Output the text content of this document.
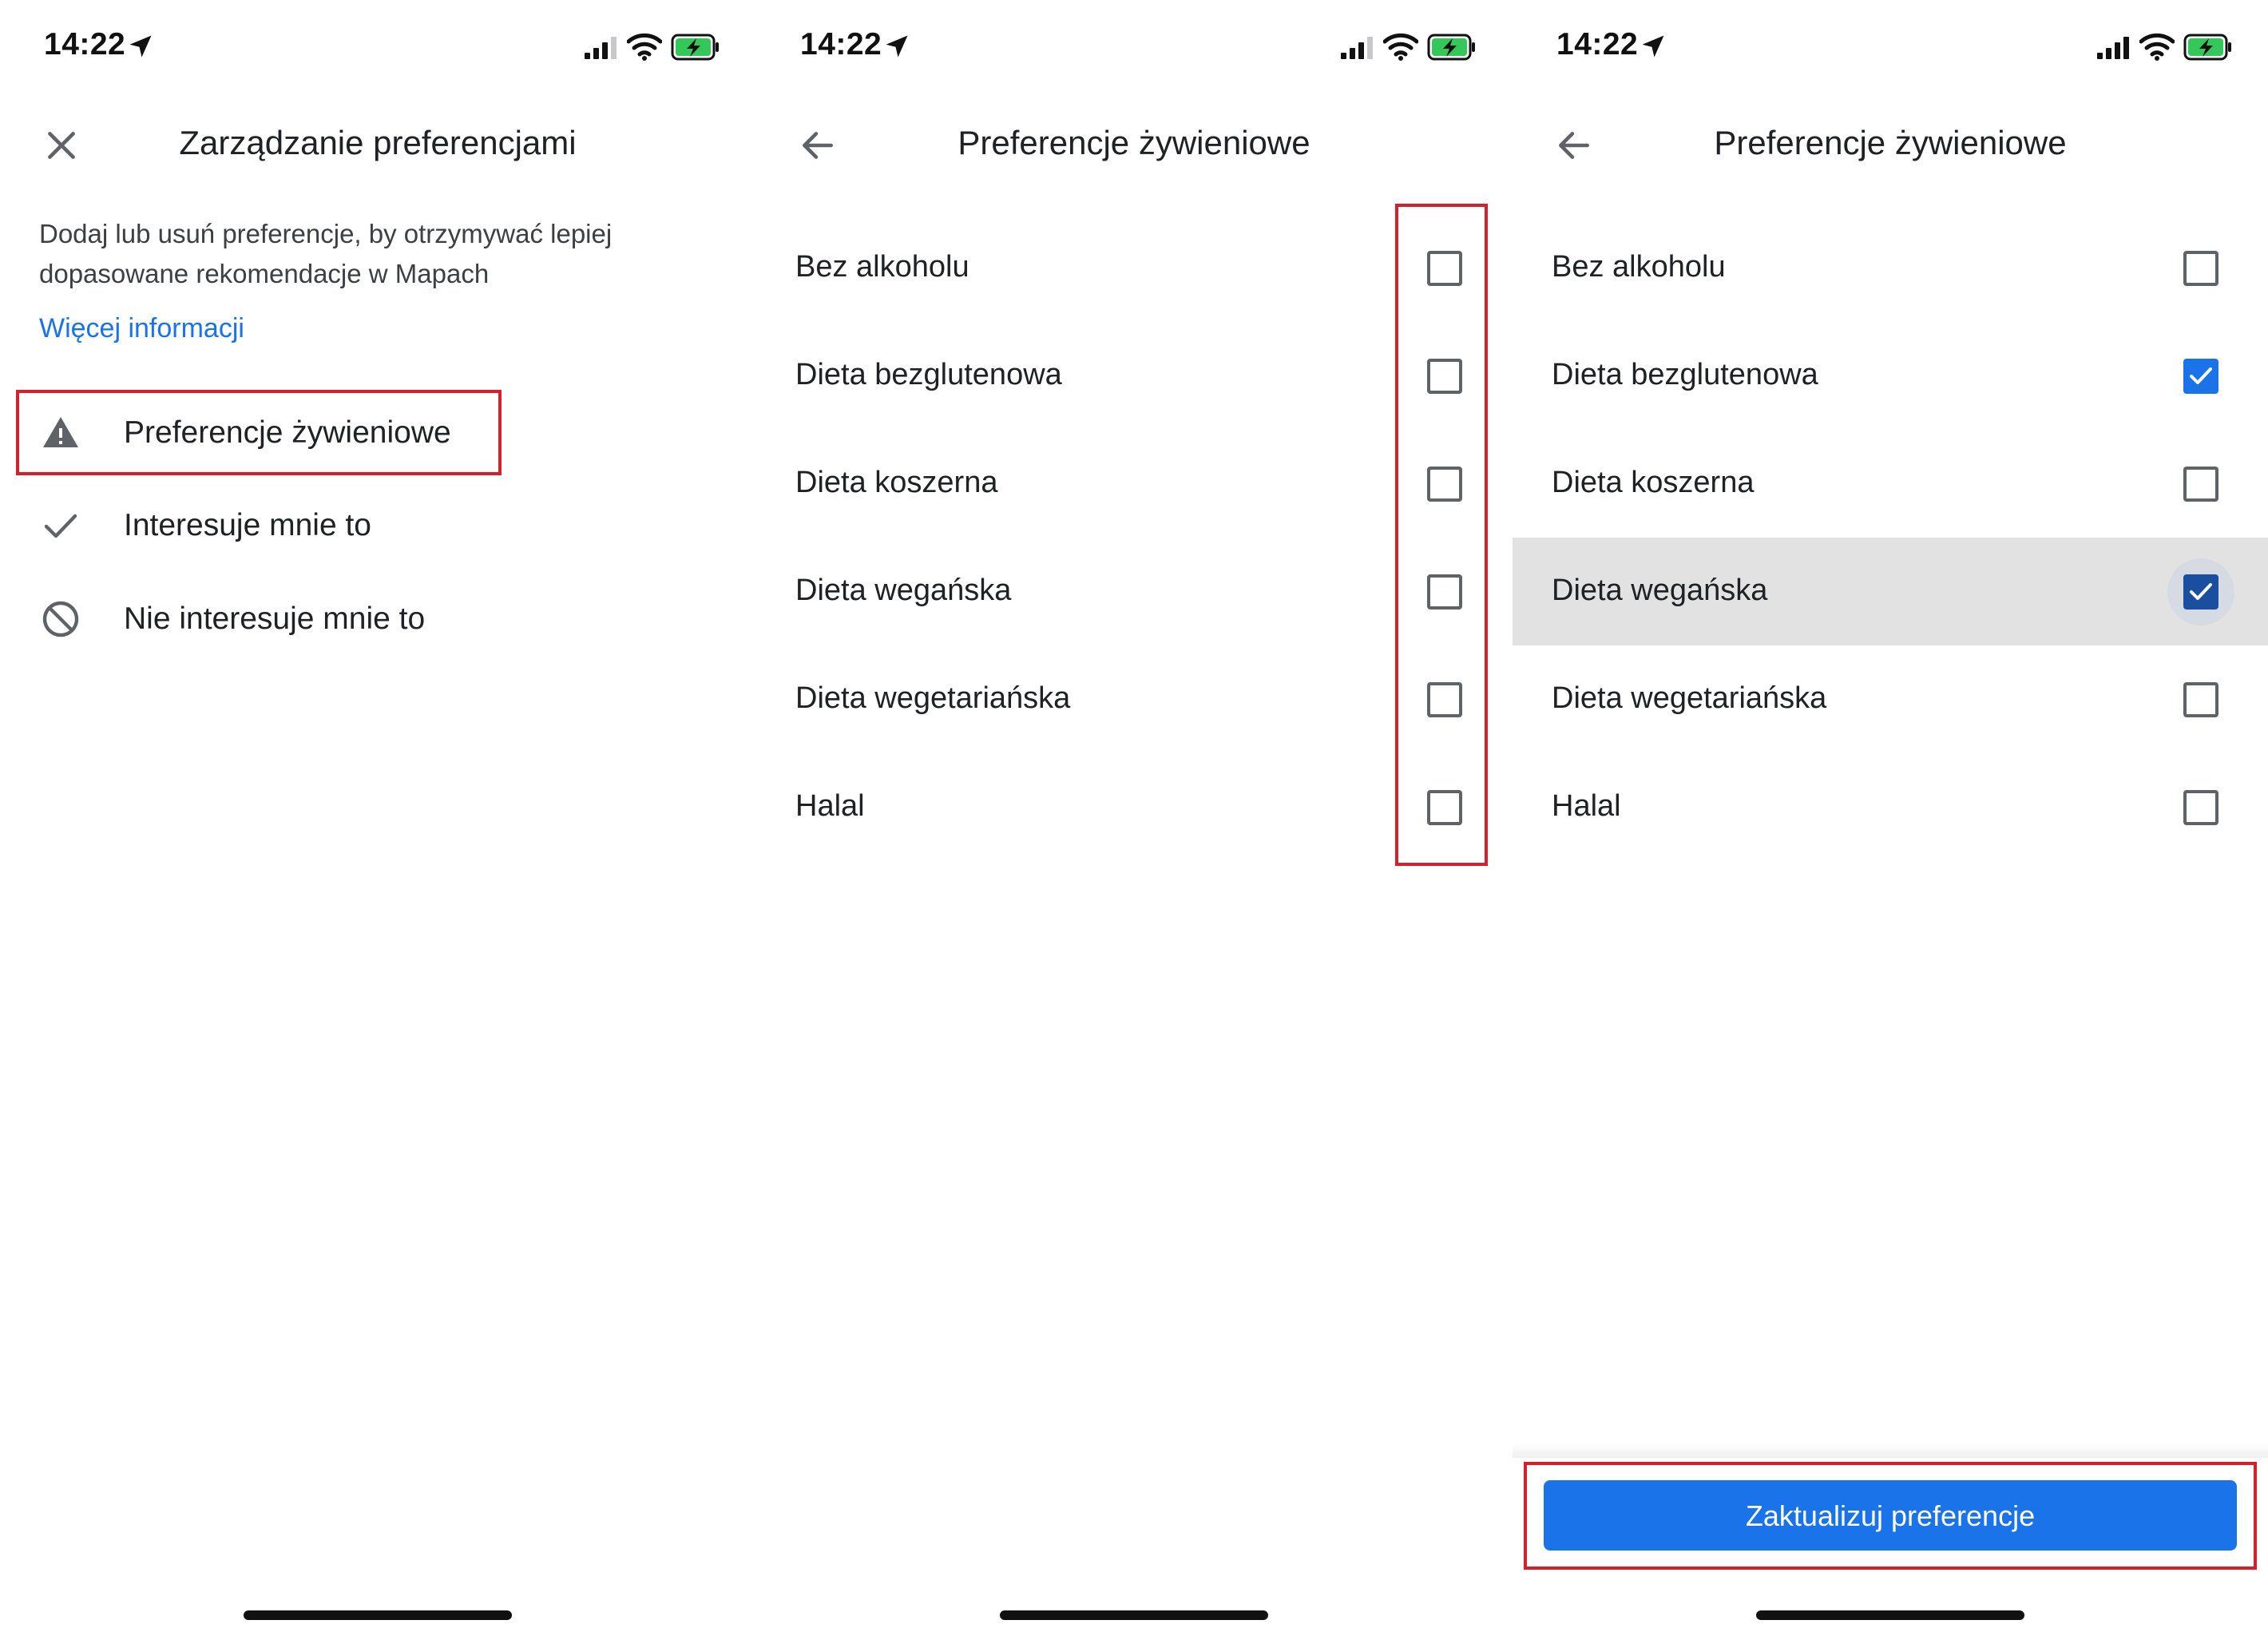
14:22
Zarządzanie preferencjami
Dodaj lub usuń preferencje, by otrzymywać lepiej dopasowane rekomendacje w Mapach
Więcej informacji
Preferencje żywieniowe
Interesuje mnie to
Nie interesuje mnie to
14:22
Preferencje żywieniowe
Bez alkoholu
Dieta bezglutenowa
Dieta koszerna
Dieta wegańska
Dieta wegetariańska
Halal
14:22
Preferencje żywieniowe
Bez alkoholu
Dieta bezglutenowa
Dieta koszerna
Dieta wegańska
Dieta wegetariańska
Halal
Zaktualizuj preferencje
